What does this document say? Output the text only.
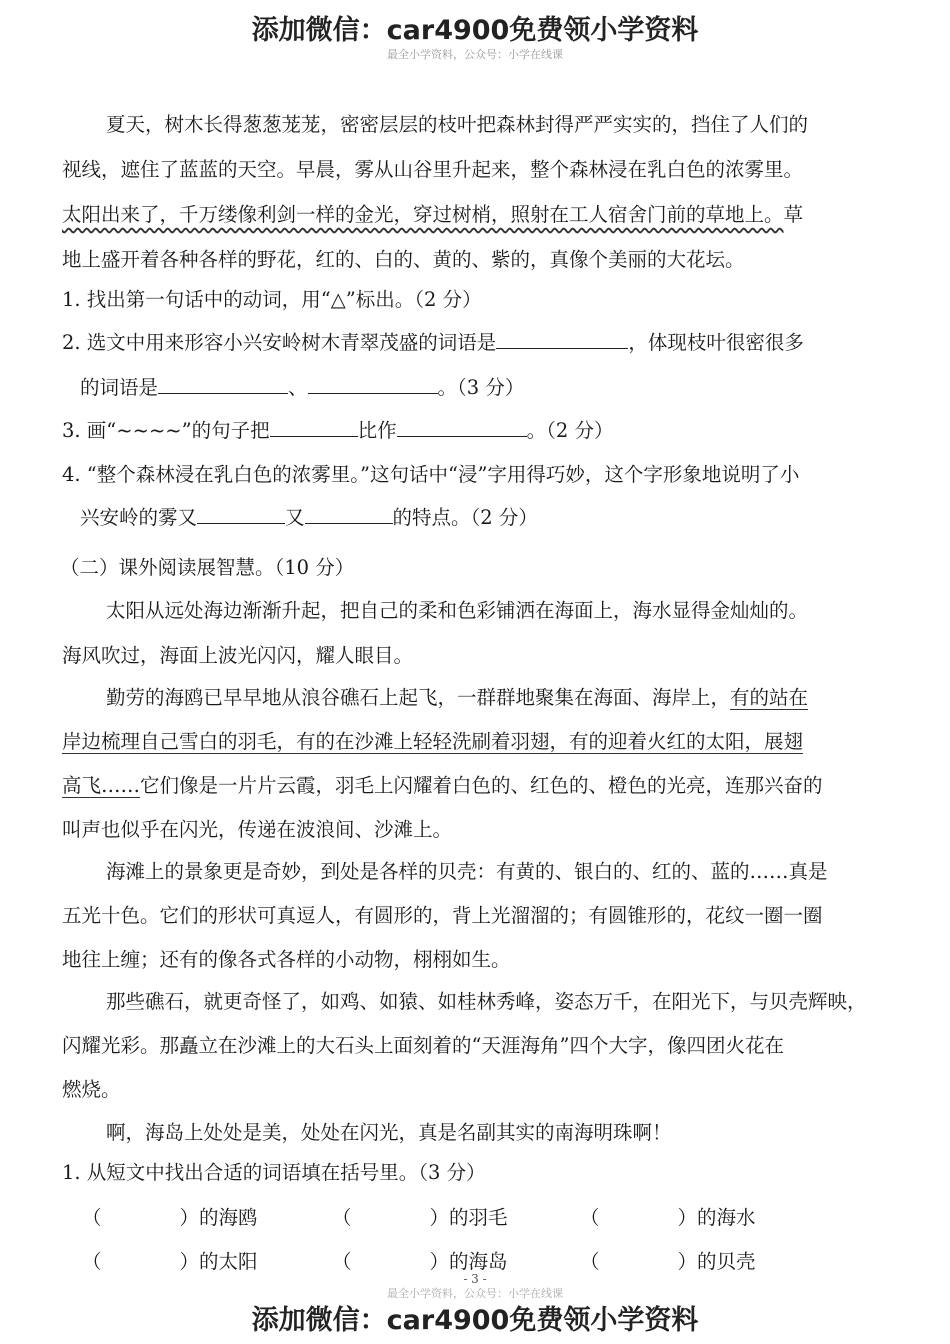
添加微信：car4900免费领小学资料
最全小学资料，公众号：小学在线课
夏天，树木长得葱葱茏茏，密密层层的枝叶把森林封得严严实实的，挡住了人们的
视线，遮住了蓝蓝的天空。早晨，雾从山谷里升起来，整个森林浸在乳白色的浓雾里。
太阳出来了，千万缕像利剑一样的金光，穿过树梢，照射在工人宿舍门前的草地上。草
地上盛开着各种各样的野花，红的、白的、黄的、紫的，真像个美丽的大花坛。
1. 找出第一句话中的动词，用“△”标出。（2 分）
2. 选文中用来形容小兴安岭树木青翠茂盛的词语是	，体现枝叶很密很多
的词语是	、	。（3 分）
3. 画“~~~~”的句子把	比作	。（2 分）
4. “整个森林浸在乳白色的浓雾里。”这句话中“浸”字用得巧妙，这个字形象地说明了小
兴安岭的雾又	又	的特点。（2 分）
（二）课外阅读展智慧。（10 分）
太阳从远处海边渐渐升起，把自己的柔和色彩铺洒在海面上，海水显得金灿灿的。
海风吹过，海面上波光闪闪，耀人眼目。
勤劳的海鸥已早早地从浪谷礁石上起飞，一群群地聚集在海面、海岸上，有的站在
岸边梳理自己雪白的羽毛，有的在沙滩上轻轻洗刷着羽翅，有的迎着火红的太阳，展翅
高飞……它们像是一片片云霞，羽毛上闪耀着白色的、红色的、橙色的光亮，连那兴奋的
叫声也似乎在闪光，传递在波浪间、沙滩上。
海滩上的景象更是奇妙，到处是各样的贝壳：有黄的、银白的、红的、蓝的……真是
五光十色。它们的形状可真逗人，有圆形的，背上光溜溜的；有圆锥形的，花纹一圈一圈
地往上缠；还有的像各式各样的小动物，栩栩如生。
那些礁石，就更奇怪了，如鸡、如猿、如桂林秀峰，姿态万千，在阳光下，与贝壳辉映，
闪耀光彩。那矗立在沙滩上的大石头上面刻着的“天涯海角”四个大字，像四团火花在
燃烧。
啊，海岛上处处是美，处处在闪光，真是名副其实的南海明珠啊！
1. 从短文中找出合适的词语填在括号里。（3 分）
（　　　　）的海鸥	（　　　　）的羽毛	（　　　　）的海水
（　　　　）的太阳	（　　　　）的海岛	（　　　　）的贝壳
- 3 -
最全小学资料，公众号：小学在线课
添加微信：car4900免费领小学资料
